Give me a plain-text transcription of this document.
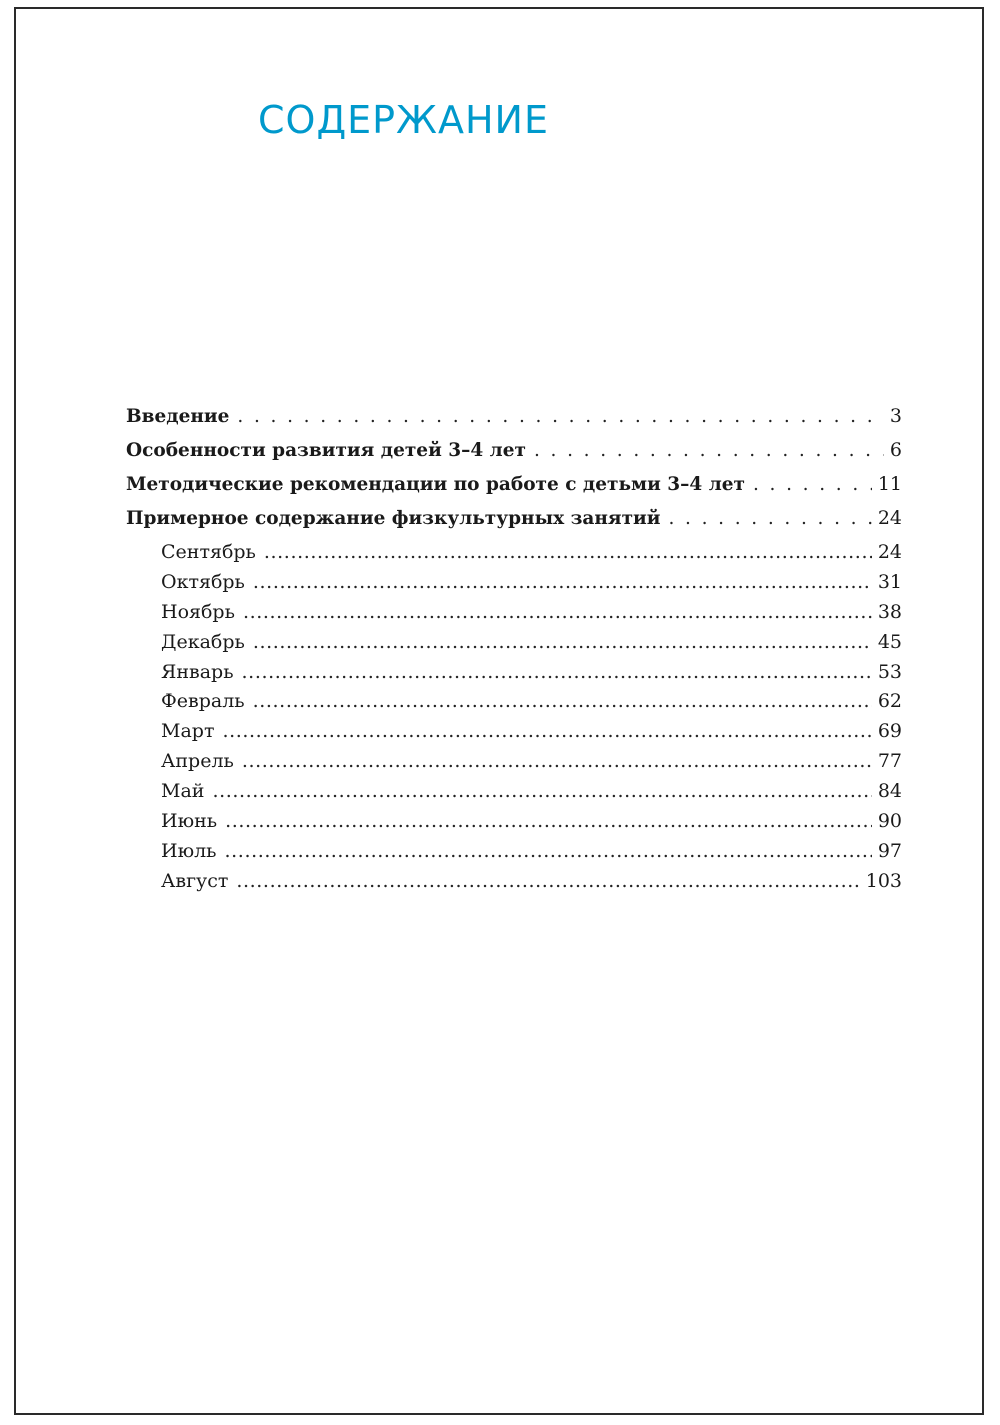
СОДЕРЖАНИЕ
Введение . . .	3
Особенности развития детей 3–4 лет . . .	6
Методические рекомендации по работе с детьми 3–4 лет . . .	11
Примерное содержание физкультурных занятий . . .	24
Сентябрь .....	24
Октябрь .....	31
Ноябрь .....	38
Декабрь .....	45
Январь .....	53
Февраль .....	62
Март .....	69
Апрель .....	77
Май .....	84
Июнь .....	90
Июль .....	97
Август .....	103
